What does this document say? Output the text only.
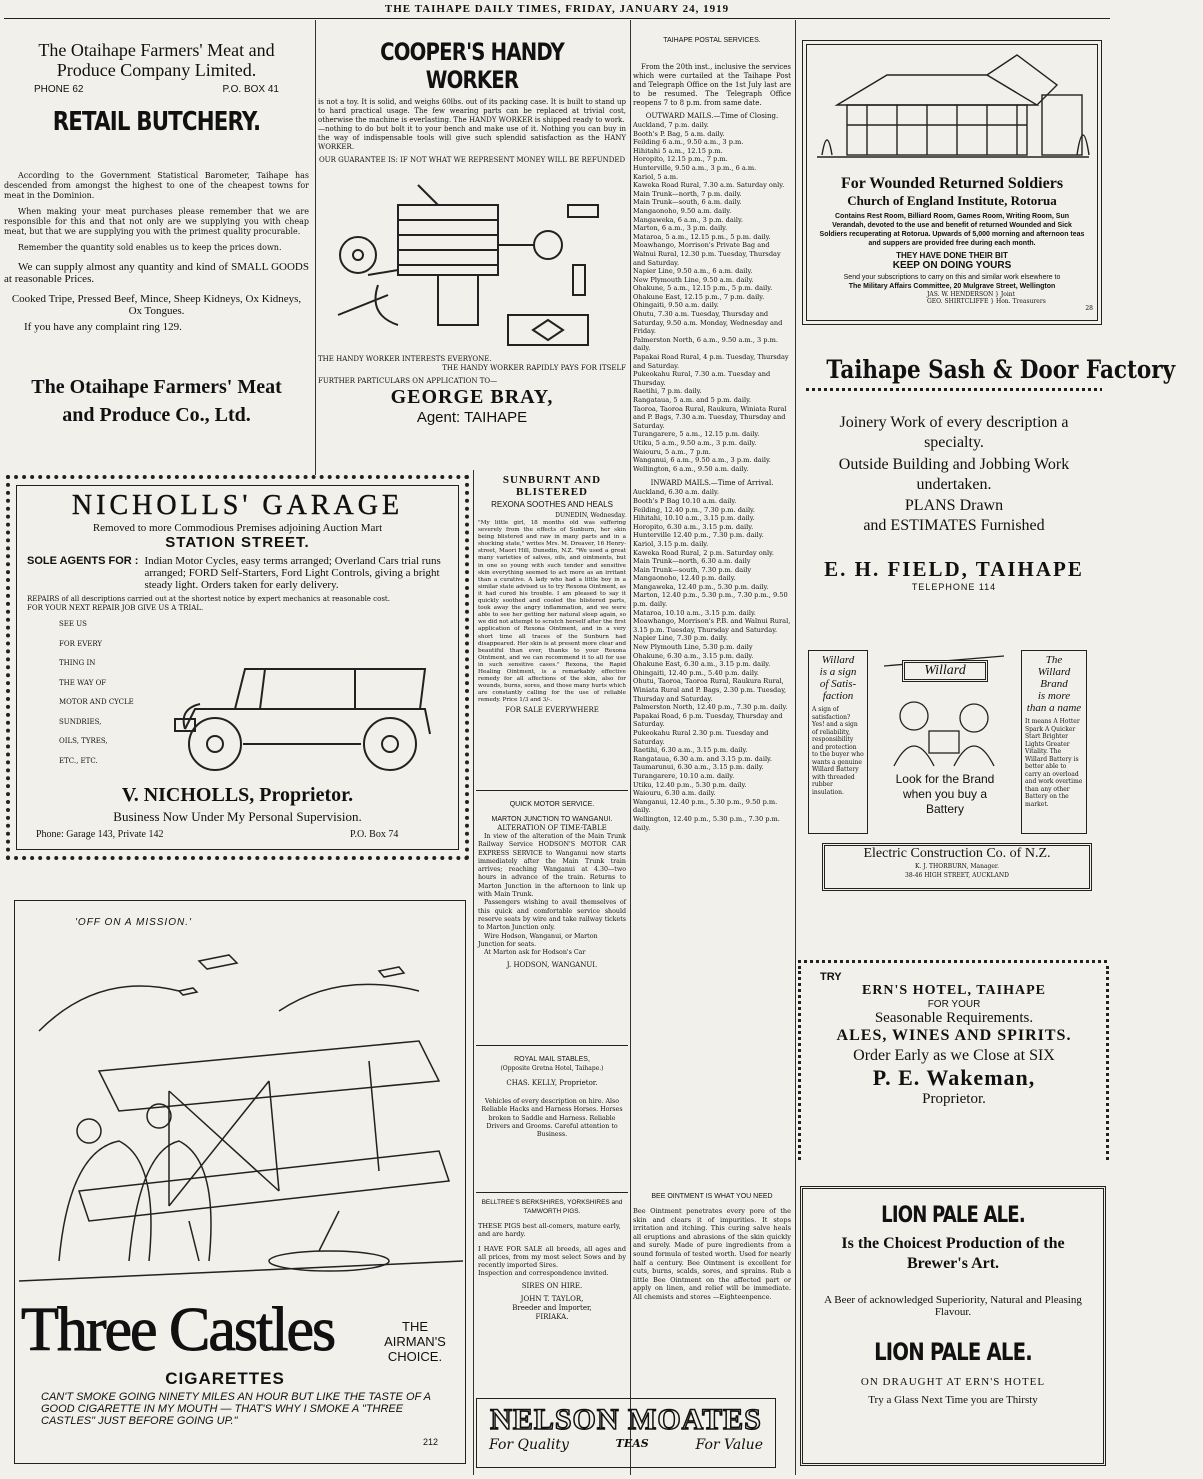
THE TAIHAPE DAILY TIMES, FRIDAY, JANUARY 24, 1919
The Otaihape Farmers' Meat and Produce Company Limited.
PHONE 62	P.O. BOX 41
RETAIL BUTCHERY.
According to the Government Statistical Barometer, Taihape has descended from amongst the highest to one of the cheapest towns for meat in the Dominion.
When making your meat purchases please remember that we are responsible for this and that not only are we supplying you with cheap meat, but that we are supplying you with the primest quality procurable.
Remember the quantity sold enables us to keep the prices down.
We can supply almost any quantity and kind of SMALL GOODS at reasonable Prices.
Cooked Tripe, Pressed Beef, Mince, Sheep Kidneys, Ox Kidneys, Ox Tongues.
If you have any complaint ring 129.
The Otaihape Farmers' Meat and Produce Co., Ltd.
COOPER'S HANDY WORKER
is not a toy. It is solid, and weighs 60lbs. out of its packing case. It is built to stand up to hard practical usage. The few wearing parts can be replaced at trivial cost, otherwise the machine is everlasting. The HANDY WORKER is shipped ready to work.
—nothing to do but bolt it to your bench and make use of it. Nothing you can buy in the way of indispensable tools will give such splendid satisfaction as the HANY WORKER.
OUR GUARANTEE IS: IF NOT WHAT WE REPRESENT MONEY WILL BE REFUNDED
THE HANDY WORKER INTERESTS EVERYONE.
THE HANDY WORKER RAPIDLY PAYS FOR ITSELF
FURTHER PARTICULARS ON APPLICATION TO—
GEORGE BRAY,
Agent: TAIHAPE
TAIHAPE POSTAL SERVICES.
From the 20th inst., inclusive the services which were curtailed at the Taihape Post and Telegraph Office on the 1st July last are to be resumed. The Telegraph Office reopens 7 to 8 p.m. from same date.
OUTWARD MAILS.—Time of Closing.
Auckland, 7 p.m. daily.
Booth's P. Bag, 5 a.m. daily.
Feilding 6 a.m., 9.50 a.m., 3 p.m.
Hihitahi 5 a.m., 12.15 p.m.
Horopito, 12.15 p.m., 7 p.m.
Hunterville, 9.50 a.m., 3 p.m., 6 a.m.
Kariol, 5 a.m.
Kaweka Road Rural, 7.30 a.m. Saturday only.
Main Trunk—north, 7 p.m. daily.
Main Trunk—south, 6 a.m. daily.
Mangaonoho, 9.50 a.m. daily.
Mangaweka, 6 a.m., 3 p.m. daily.
Marton, 6 a.m., 3 p.m. daily.
Mataroa, 5 a.m., 12.15 p.m., 5 p.m. daily.
Moawhango, Morrison's Private Bag and Walnui Rural, 12.30 p.m. Tuesday, Thursday and Saturday.
Napier Line, 9.50 a.m., 6 a.m. daily.
New Plymouth Line, 9.50 a.m. daily.
Ohakune, 5 a.m., 12.15 p.m., 5 p.m. daily.
Ohakune East, 12.15 p.m., 7 p.m. daily.
Ohingaiti, 9.50 a.m. daily.
Ohutu, 7.30 a.m. Tuesday, Thursday and Saturday, 9.50 a.m. Monday, Wednesday and Friday.
Palmerston North, 6 a.m., 9.50 a.m., 3 p.m. daily.
Papakai Road Rural, 4 p.m. Tuesday, Thursday and Saturday.
Pukeokahu Rural, 7.30 a.m. Tuesday and Thursday.
Raetihi, 7 p.m. daily.
Rangataua, 5 a.m. and 5 p.m. daily.
Taoroa, Taoroa Rural, Raukura, Winiata Rural and P. Bags, 7.30 a.m. Tuesday, Thursday and Saturday.
Turangarere, 5 a.m., 12.15 p.m. daily.
Utiku, 5 a.m., 9.50 a.m., 3 p.m. daily.
Waiouru, 5 a.m., 7 p.m.
Wanganui, 6 a.m., 9.50 a.m., 3 p.m. daily.
Wellington, 6 a.m., 9.50 a.m. daily.
INWARD MAILS.—Time of Arrival.
Auckland, 6.30 a.m. daily.
Booth's P Bag 10.10 a.m. daily.
Feilding, 12.40 p.m., 7.30 p.m. daily.
Hihitahi, 10.10 a.m., 3.15 p.m. daily.
Horopito, 6.30 a.m., 3.15 p.m. daily.
Hunterville 12.40 p.m., 7.30 p.m. daily.
Kariol, 3.15 p.m. daily.
Kaweka Road Rural, 2 p.m. Saturday only.
Main Trunk—north, 6.30 a.m. daily
Main Trunk—south, 7.30 p.m. daily
Mangaonoho, 12.40 p.m. daily.
Mangaweka, 12.40 p.m., 5.30 p.m. daily.
Marton, 12.40 p.m., 5.30 p.m., 7.30 p.m., 9.50 p.m. daily.
Mataroa, 10.10 a.m., 3.15 p.m. daily.
Moawhango, Morrison's P.B. and Walnui Rural, 3.15 p.m. Tuesday, Thursday and Saturday.
Napier Line, 7.30 p.m. daily.
New Plymouth Line, 5.30 p.m. daily
Ohakune, 6.30 a.m., 3.15 p.m. daily.
Ohakune East, 6.30 a.m., 3.15 p.m. daily.
Ohingaiti, 12.40 p.m., 5.40 p.m. daily.
Ohutu, Taoroa, Taoroa Rural, Raukura Rural, Winiata Rural and P. Bags, 2.30 p.m. Tuesday, Thursday and Saturday.
Palmerston North, 12.40 p.m., 7.30 p.m. daily.
Papakai Road, 6 p.m. Tuesday, Thursday and Saturday.
Pukeokahu Rural 2.30 p.m. Tuesday and Saturday.
Raetihi, 6.30 a.m., 3.15 p.m. daily.
Rangataua, 6.30 a.m. and 3.15 p.m. daily.
Taumarunui, 6.30 a.m., 3.15 p.m. daily.
Turangarere, 10.10 a.m. daily.
Utiku, 12.40 p.m., 5.30 p.m. daily.
Waiouru, 6.30 a.m. daily.
Wanganui, 12.40 p.m., 5.30 p.m., 9.50 p.m. daily.
Wellington, 12.40 p.m., 5.30 p.m., 7.30 p.m. daily.
For Wounded Returned Soldiers
Church of England Institute, Rotorua
Contains Rest Room, Billiard Room, Games Room, Writing Room, Sun Verandah, devoted to the use and benefit of returned Wounded and Sick Soldiers recuperating at Rotorua. Upwards of 5,000 morning and afternoon teas and suppers are provided free during each month.
THEY HAVE DONE THEIR BIT
KEEP ON DOING YOURS
Send your subscriptions to carry on this and similar work elsewhere to
The Military Affairs Committee, 20 Mulgrave Street, Wellington
JAS. W. HENDERSON } Joint
GEO. SHIRTCLIFFE } Hon. Treasurers
28
Taihape Sash & Door Factory
Joinery Work of every description a specialty.
Outside Building and Jobbing Work undertaken.
PLANS Drawn
and ESTIMATES Furnished
E. H. FIELD, TAIHAPE
TELEPHONE 114
Willard
is a sign
of Satis-
faction
A sign of satisfaction? Yes! and a sign of reliability, responsibility and protection to the buyer who wants a genuine Willard Battery with threaded rubber insulation.
The
Willard
Brand
is more
than a name
It means A Hotter Spark A Quicker Start Brighter Lights Greater Vitality. The Willard Battery is better able to carry an overload and work overtime than any other Battery on the market.
Willard
Look for the Brand when you buy a Battery
Electric Construction Co. of N.Z.
K. J. THORBURN, Manager.
38-46 HIGH STREET, AUCKLAND
TRY
ERN'S HOTEL, TAIHAPE
FOR YOUR
Seasonable Requirements.
ALES, WINES AND SPIRITS.
Order Early as we Close at SIX
P. E. Wakeman,
Proprietor.
LION PALE ALE.
Is the Choicest Production of the Brewer's Art.
A Beer of acknowledged Superiority, Natural and Pleasing Flavour.
LION PALE ALE.
ON DRAUGHT AT ERN'S HOTEL
Try a Glass Next Time you are Thirsty
NICHOLLS' GARAGE
Removed to more Commodious Premises adjoining Auction Mart
STATION STREET.
SOLE AGENTS FOR : Indian Motor Cycles, easy terms arranged; Overland Cars trial runs arranged; FORD Self-Starters, Ford Light Controls, giving a bright steady light. Orders taken for early delivery.
REPAIRS of all descriptions carried out at the shortest notice by expert mechanics at reasonable cost.
FOR YOUR NEXT REPAIR JOB GIVE US A TRIAL.
SEE US
FOR EVERY
THING IN
THE WAY OF
MOTOR AND CYCLE
SUNDRIES,
OILS, TYRES,
ETC., ETC.
V. NICHOLLS, Proprietor.
Business Now Under My Personal Supervision.
Phone: Garage 143, Private 142	P.O. Box 74
SUNBURNT AND BLISTERED
REXONA SOOTHES AND HEALS
DUNEDIN, Wednesday.
"My little girl, 18 months old was suffering severely from the effects of Sunburn, her skin being blistered and raw in many parts and in a shocking state," writes Mrs. M. Dreaver, 16 Henry-street, Maori Hill, Dunedin, N.Z. "We used a great many varieties of salves, oils, and ointments, but in one so young with such tender and sensitive skin everything seemed to act more as an irritant than a curative. A lady who had a little boy in a similar state advised us to try Rexona Ointment, as it had cured his trouble. I am pleased to say it quickly soothed and cooled the blistered parts, took away the angry inflammation, and we were able to see her getting her natural sleep again, so we did not attempt to scratch herself after the first application of Rexona Ointment, and in a very short time all traces of the Sunburn had disappeared. Her skin is at present more clear and beautiful than ever, thanks to your Rexona Ointment, and we can recommend it to all for use in such sensitive cases." Rexona, the Rapid Healing Ointment, is a remarkably effective remedy for all affections of the skin, also for wounds, burns, sores, and those many hurts which are constantly calling for the use of reliable remedy. Price 1/3 and 3/-.
FOR SALE EVERYWHERE
QUICK MOTOR SERVICE.
MARTON JUNCTION TO WANGANUI.
ALTERATION OF TIME-TABLE
In view of the alteration of the Main Trunk Railway Service HODSON'S MOTOR CAR EXPRESS SERVICE to Wanganui now starts immediately after the Main Trunk train arrives; reaching Wanganui at 4.30—two hours in advance of the train. Returns to Marton Junction in the afternoon to link up with Main Trunk.
Passengers wishing to avail themselves of this quick and comfortable service should reserve seats by wire and take railway tickets to Marton Junction only.
Wire Hodson, Wanganui, or Marton Junction for seats.
At Marton ask for Hodson's Car
J. HODSON, WANGANUI.
ROYAL MAIL STABLES,
(Opposite Gretna Hotel, Taihape.)
CHAS. KELLY, Proprietor.
Vehicles of every description on hire. Also Reliable Hacks and Harness Horses. Horses broken to Saddle and Harness. Reliable Drivers and Grooms. Careful attention to Business.
BELLTREE'S BERKSHIRES, YORKSHIRES and TAMWORTH PIGS.
THESE PIGS best all-comers, mature early, and are hardy.
I HAVE FOR SALE all breeds, all ages and all prices, from my most select Sows and by recently imported Sires.
Inspection and correspondence invited.
SIRES ON HIRE.
JOHN T. TAYLOR,
Breeder and Importer,
FIRIAKA.
NELSON MOATES
For Quality	TEAS	For Value
BEE OINTMENT IS WHAT YOU NEED
Bee Ointment penetrates every pore of the skin and clears it of impurities. It stops irritation and itching. This curing salve heals all eruptions and abrasions of the skin quickly and surely. Made of pure ingredients from a sound formula of tested worth. Used for nearly half a century. Bee Ointment is excellent for cuts, burns, scalds, sores, and sprains. Rub a little Bee Ointment on the affected part or apply on linen, and relief will be immediate. All chemists and stores —Eighteenpence.
'OFF ON A MISSION.'
Three Castles	THE
AIRMAN'S
CHOICE.
CIGARETTES
CAN'T SMOKE GOING NINETY MILES AN HOUR BUT LIKE THE TASTE OF A GOOD CIGARETTE IN MY MOUTH — THAT'S WHY I SMOKE A "THREE CASTLES" JUST BEFORE GOING UP."
212
